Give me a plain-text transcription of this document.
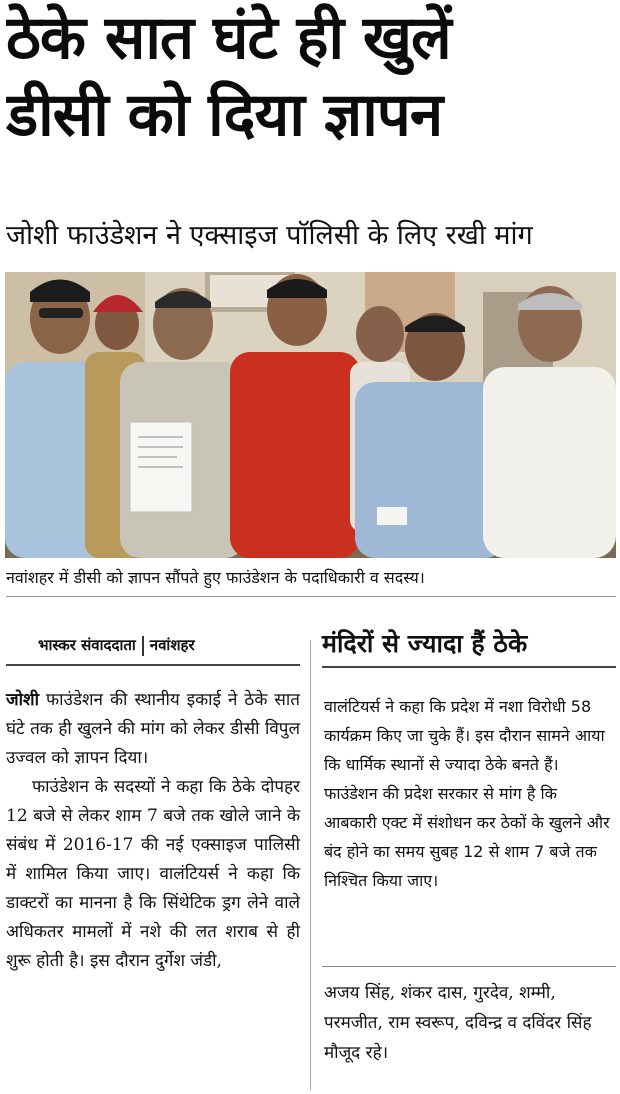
ठेके सात घंटे ही खुलें
डीसी को दिया ज्ञापन
जोशी फाउंडेशन ने एक्साइज पॉलिसी के लिए रखी मांग
नवांशहर में डीसी को ज्ञापन सौंपते हुए फाउंडेशन के पदाधिकारी व सदस्य।
भास्कर संवाददाता नवांशहर

जोशी फाउंडेशन की स्थानीय इकाई ने ठेके सात घंटे तक ही खुलने की मांग को लेकर डीसी विपुल उज्वल को ज्ञापन दिया।

फाउंडेशन के सदस्यों ने कहा कि ठेके दोपहर 12 बजे से लेकर शाम 7 बजे तक खोले जाने के संबंध में 2016-17 की नई एक्साइज पालिसी में शामिल किया जाए। वालंटियर्स ने कहा कि डाक्टरों का मानना है कि सिंथेटिक ड्रग लेने वाले अधिकतर मामलों में नशे की लत शराब से ही शुरू होती है। इस दौरान दुर्गेश जंडी,

मंदिरों से ज्यादा हैं ठेके

वालंटियर्स ने कहा कि प्रदेश में नशा विरोधी 58 कार्यक्रम किए जा चुके हैं। इस दौरान सामने आया कि धार्मिक स्थानों से ज्यादा ठेके बनते हैं। फाउंडेशन की प्रदेश सरकार से मांग है कि आबकारी एक्ट में संशोधन कर ठेकों के खुलने और बंद होने का समय सुबह 12 से शाम 7 बजे तक निश्चित किया जाए।

अजय सिंह, शंकर दास, गुरदेव, शम्मी, परमजीत, राम स्वरूप, दविन्द्र व दविंदर सिंह मौजूद रहे।
